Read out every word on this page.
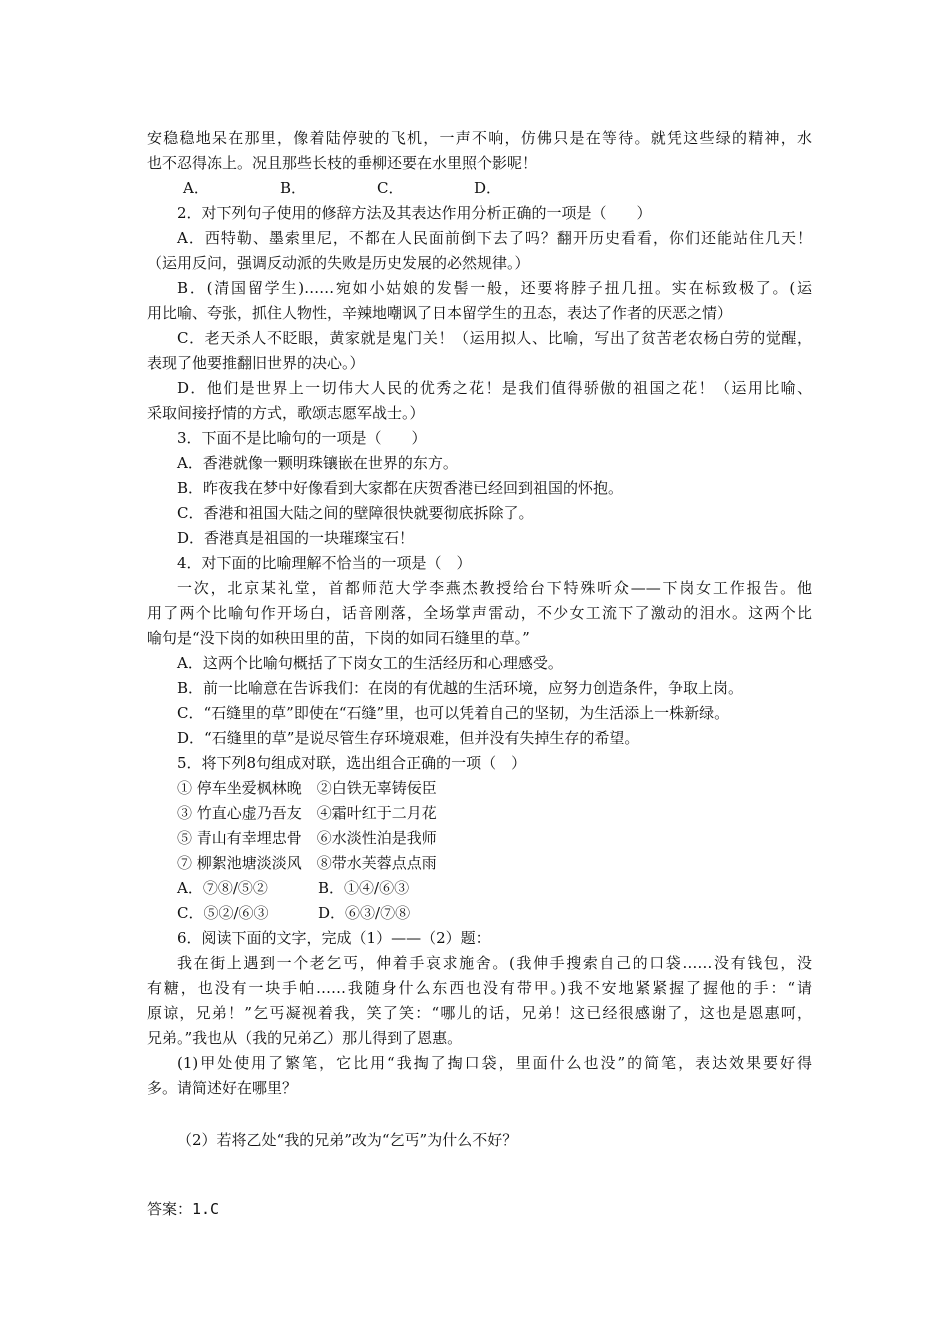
安稳稳地呆在那里，像着陆停驶的飞机，一声不响，仿佛只是在等待。就凭这些绿的精神，水
也不忍得冻上。况且那些长枝的垂柳还要在水里照个影呢！
A．	B．	C．	D．
2．对下列句子使用的修辞方法及其表达作用分析正确的一项是（　　）
A．西特勒、墨索里尼，不都在人民面前倒下去了吗？翻开历史看看，你们还能站住几天！
（运用反问，强调反动派的失败是历史发展的必然规律。）
B．(清国留学生)……宛如小姑娘的发髻一般，还要将脖子扭几扭。实在标致极了。(运
用比喻、夸张，抓住人物性，辛辣地嘲讽了日本留学生的丑态，表达了作者的厌恶之情）
C．老天杀人不眨眼，黄家就是鬼门关！（运用拟人、比喻，写出了贫苦老农杨白劳的觉醒，
表现了他要推翻旧世界的决心。）
D．他们是世界上一切伟大人民的优秀之花！是我们值得骄傲的祖国之花！（运用比喻、
采取间接抒情的方式，歌颂志愿军战士。）
3．下面不是比喻句的一项是（　　）
A．香港就像一颗明珠镶嵌在世界的东方。
B．昨夜我在梦中好像看到大家都在庆贺香港已经回到祖国的怀抱。
C．香港和祖国大陆之间的壁障很快就要彻底拆除了。
D．香港真是祖国的一块璀璨宝石！
4．对下面的比喻理解不恰当的一项是（　）
一次，北京某礼堂，首都师范大学李燕杰教授给台下特殊听众——下岗女工作报告。他
用了两个比喻句作开场白，话音刚落，全场掌声雷动，不少女工流下了激动的泪水。这两个比
喻句是“没下岗的如秧田里的苗，下岗的如同石缝里的草。”
A．这两个比喻句概括了下岗女工的生活经历和心理感受。
B．前一比喻意在告诉我们：在岗的有优越的生活环境，应努力创造条件，争取上岗。
C．“石缝里的草”即使在“石缝”里，也可以凭着自己的坚韧，为生活添上一株新绿。
D．“石缝里的草”是说尽管生存环境艰难，但并没有失掉生存的希望。
5．将下列8句组成对联，选出组合正确的一项（　）
① 停车坐爱枫林晚　②白铁无辜铸佞臣
③ 竹直心虚乃吾友　④霜叶红于二月花
⑤ 青山有幸埋忠骨　⑥水淡性泊是我师
⑦ 柳絮池塘淡淡风　⑧带水芙蓉点点雨
A．⑦⑧/⑤②	B．①④/⑥③
C．⑤②/⑥③	D．⑥③/⑦⑧
6．阅读下面的文字，完成（1）——（2）题：
我在街上遇到一个老乞丐，伸着手哀求施舍。(我伸手搜索自己的口袋……没有钱包，没
有糖，也没有一块手帕……我随身什么东西也没有带甲。)我不安地紧紧握了握他的手：“请
原谅，兄弟！”乞丐凝视着我，笑了笑：“哪儿的话，兄弟！这已经很感谢了，这也是恩惠呵，
兄弟。”我也从（我的兄弟乙）那儿得到了恩惠。
(1)甲处使用了繁笔，它比用“我掏了掏口袋，里面什么也没”的简笔，表达效果要好得
多。请简述好在哪里？
（2）若将乙处“我的兄弟”改为“乞丐”为什么不好？
答案：1.C
